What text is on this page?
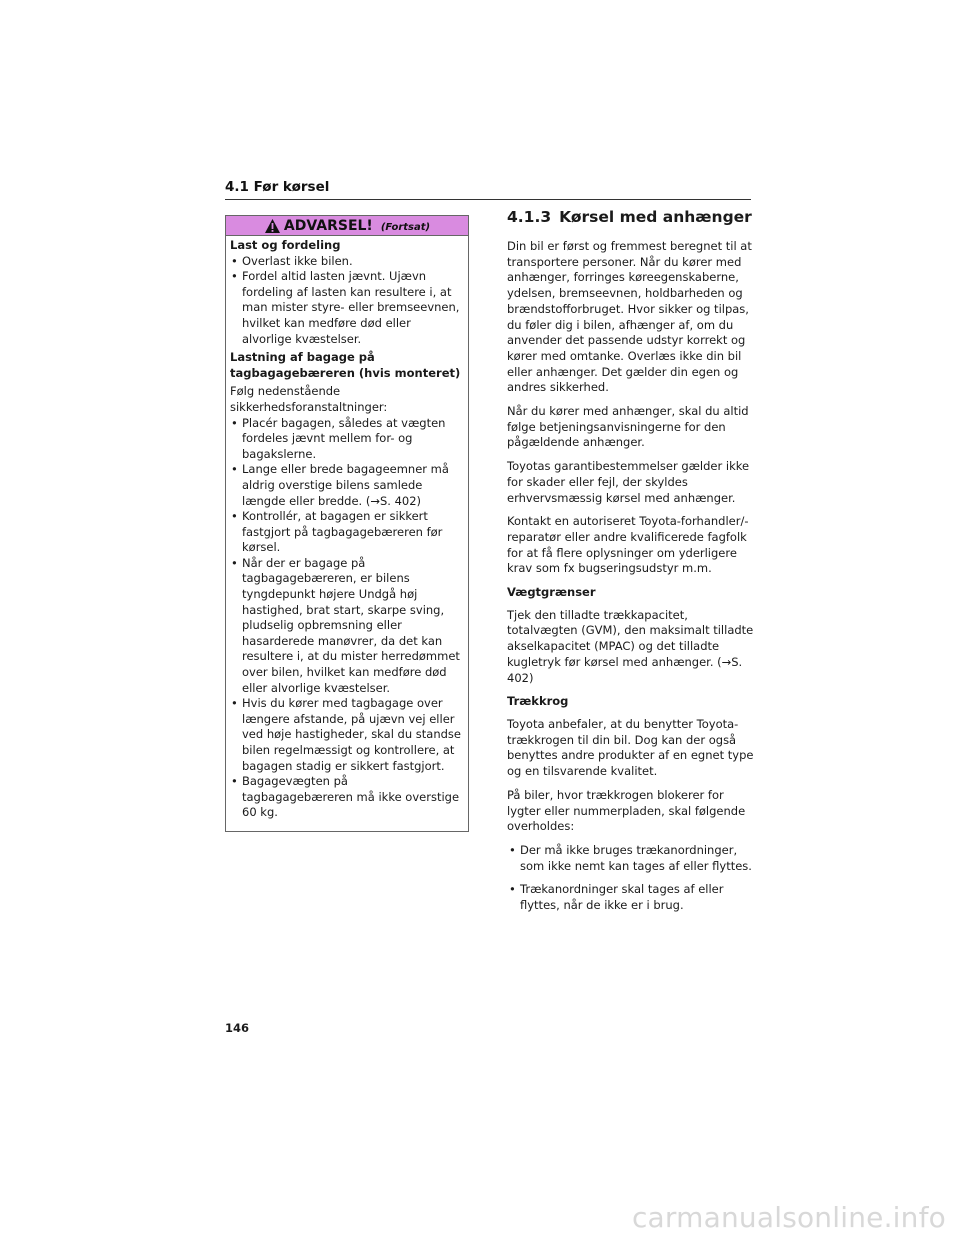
4.1 Før kørsel
ADVARSEL! (Fortsat)
Last og fordeling
• Overlast ikke bilen.
• Fordel altid lasten jævnt. Ujævn fordeling af lasten kan resultere i, at man mister styre- eller bremseevnen, hvilket kan medføre død eller alvorlige kvæstelser.
Lastning af bagage på tagbagagebæreren (hvis monteret)

Følg nedenstående sikkerhedsforanstaltninger:

• Placér bagagen, således at vægten fordeles jævnt mellem for- og bagakslerne.
• Lange eller brede bagageemner må aldrig overstige bilens samlede længde eller bredde. (→S. 402)
• Kontrollér, at bagagen er sikkert fastgjort på tagbagagebæreren før kørsel.
• Når der er bagage på tagbagagebæreren, er bilens tyngdepunkt højere Undgå høj hastighed, brat start, skarpe sving, pludselig opbremsning eller hasarderede manøvrer, da det kan resultere i, at du mister herredømmet over bilen, hvilket kan medføre død eller alvorlige kvæstelser.
• Hvis du kører med tagbagage over længere afstande, på ujævn vej eller ved høje hastigheder, skal du standse bilen regelmæssigt og kontrollere, at bagagen stadig er sikkert fastgjort.
• Bagagevægten på tagbagagebæreren må ikke overstige 60 kg.
4.1.3 Kørsel med anhænger

Din bil er først og fremmest beregnet til at transportere personer. Når du kører med anhænger, forringes køreegenskaberne, ydelsen, bremseevnen, holdbarheden og brændstofforbruget. Hvor sikker og tilpas, du føler dig i bilen, afhænger af, om du anvender det passende udstyr korrekt og kører med omtanke. Overlæs ikke din bil eller anhænger. Det gælder din egen og andres sikkerhed.

Når du kører med anhænger, skal du altid følge betjeningsanvisningerne for den pågældende anhænger.

Toyotas garantibestemmelser gælder ikke for skader eller fejl, der skyldes erhvervsmæssig kørsel med anhænger.

Kontakt en autoriseret Toyota-forhandler/-reparatør eller andre kvalificerede fagfolk for at få flere oplysninger om yderligere krav som fx bugseringsudstyr m.m.

Vægtgrænser

Tjek den tilladte trækkapacitet, totalvægten (GVM), den maksimalt tilladte akselkapacitet (MPAC) og det tilladte kugletryk før kørsel med anhænger. (→S. 402)

Trækkrog

Toyota anbefaler, at du benytter Toyota-trækkrogen til din bil. Dog kan der også benyttes andre produkter af en egnet type og en tilsvarende kvalitet.

På biler, hvor trækkrogen blokerer for lygter eller nummerpladen, skal følgende overholdes:

• Der må ikke bruges trækanordninger, som ikke nemt kan tages af eller flyttes.
• Trækanordninger skal tages af eller flyttes, når de ikke er i brug.
146
carmanualsonline.info
